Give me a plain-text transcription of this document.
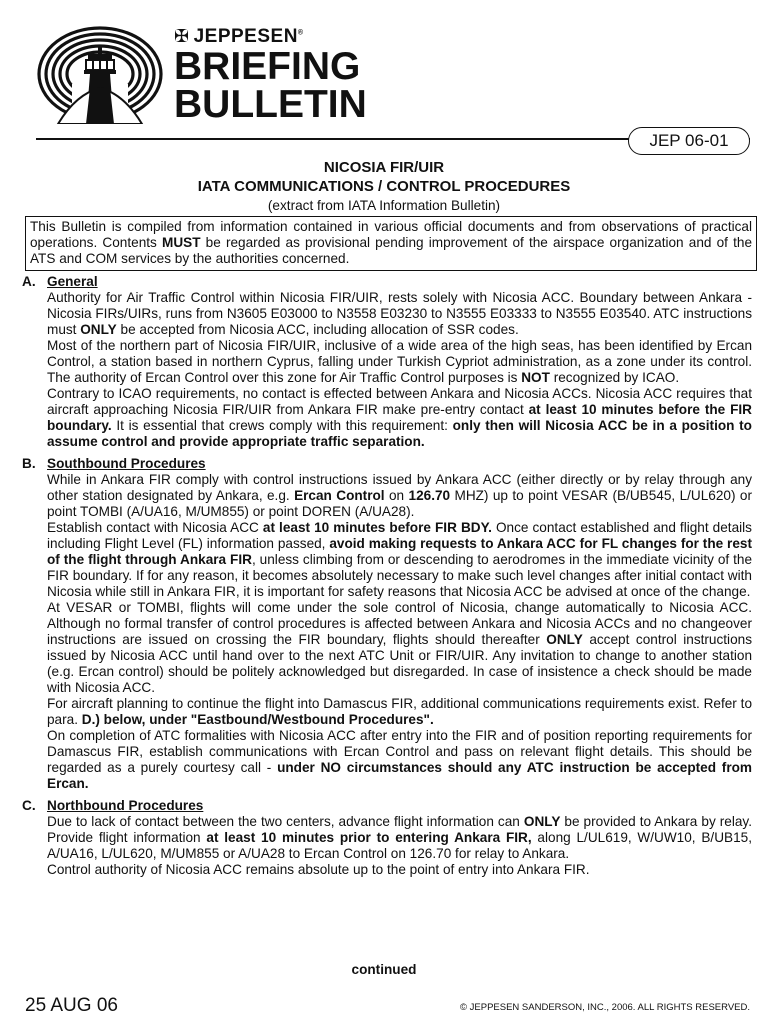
✠ JEPPESEN®
BRIEFING
BULLETIN
JEP 06-01
NICOSIA FIR/UIR
IATA COMMUNICATIONS / CONTROL PROCEDURES
(extract from IATA Information Bulletin)
This Bulletin is compiled from information contained in various official documents and from observations of practical operations. Contents MUST be regarded as provisional pending improvement of the airspace organization and of the ATS and COM services by the authorities concerned.
A. General

Authority for Air Traffic Control within Nicosia FIR/UIR, rests solely with Nicosia ACC. Boundary between Ankara - Nicosia FIRs/UIRs, runs from N3605 E03000 to N3558 E03230 to N3555 E03333 to N3555 E03540. ATC instructions must ONLY be accepted from Nicosia ACC, including allocation of SSR codes.

Most of the northern part of Nicosia FIR/UIR, inclusive of a wide area of the high seas, has been identified by Ercan Control, a station based in northern Cyprus, falling under Turkish Cypriot administration, as a zone under its control. The authority of Ercan Control over this zone for Air Traffic Control purposes is NOT recognized by ICAO.

Contrary to ICAO requirements, no contact is effected between Ankara and Nicosia ACCs. Nicosia ACC requires that aircraft approaching Nicosia FIR/UIR from Ankara FIR make pre-entry contact at least 10 minutes before the FIR boundary. It is essential that crews comply with this requirement: only then will Nicosia ACC be in a position to assume control and provide appropriate traffic separation.

B. Southbound Procedures

While in Ankara FIR comply with control instructions issued by Ankara ACC (either directly or by relay through any other station designated by Ankara, e.g. Ercan Control on 126.70 MHZ) up to point VESAR (B/UB545, L/UL620) or point TOMBI (A/UA16, M/UM855) or point DOREN (A/UA28).

Establish contact with Nicosia ACC at least 10 minutes before FIR BDY. Once contact established and flight details including Flight Level (FL) information passed, avoid making requests to Ankara ACC for FL changes for the rest of the flight through Ankara FIR, unless climbing from or descending to aerodromes in the immediate vicinity of the FIR boundary. If for any reason, it becomes absolutely necessary to make such level changes after initial contact with Nicosia while still in Ankara FIR, it is important for safety reasons that Nicosia ACC be advised at once of the change.

At VESAR or TOMBI, flights will come under the sole control of Nicosia, change automatically to Nicosia ACC. Although no formal transfer of control procedures is affected between Ankara and Nicosia ACCs and no changeover instructions are issued on crossing the FIR boundary, flights should thereafter ONLY accept control instructions issued by Nicosia ACC until hand over to the next ATC Unit or FIR/UIR. Any invitation to change to another station (e.g. Ercan control) should be politely acknowledged but disregarded. In case of insistence a check should be made with Nicosia ACC.

For aircraft planning to continue the flight into Damascus FIR, additional communications requirements exist. Refer to para. D.) below, under "Eastbound/Westbound Procedures".

On completion of ATC formalities with Nicosia ACC after entry into the FIR and of position reporting requirements for Damascus FIR, establish communications with Ercan Control and pass on relevant flight details. This should be regarded as a purely courtesy call - under NO circumstances should any ATC instruction be accepted from Ercan.

C. Northbound Procedures

Due to lack of contact between the two centers, advance flight information can ONLY be provided to Ankara by relay. Provide flight information at least 10 minutes prior to entering Ankara FIR, along L/UL619, W/UW10, B/UB15, A/UA16, L/UL620, M/UM855 or A/UA28 to Ercan Control on 126.70 for relay to Ankara.

Control authority of Nicosia ACC remains absolute up to the point of entry into Ankara FIR.

continued
25 AUG 06	© JEPPESEN SANDERSON, INC., 2006. ALL RIGHTS RESERVED.
